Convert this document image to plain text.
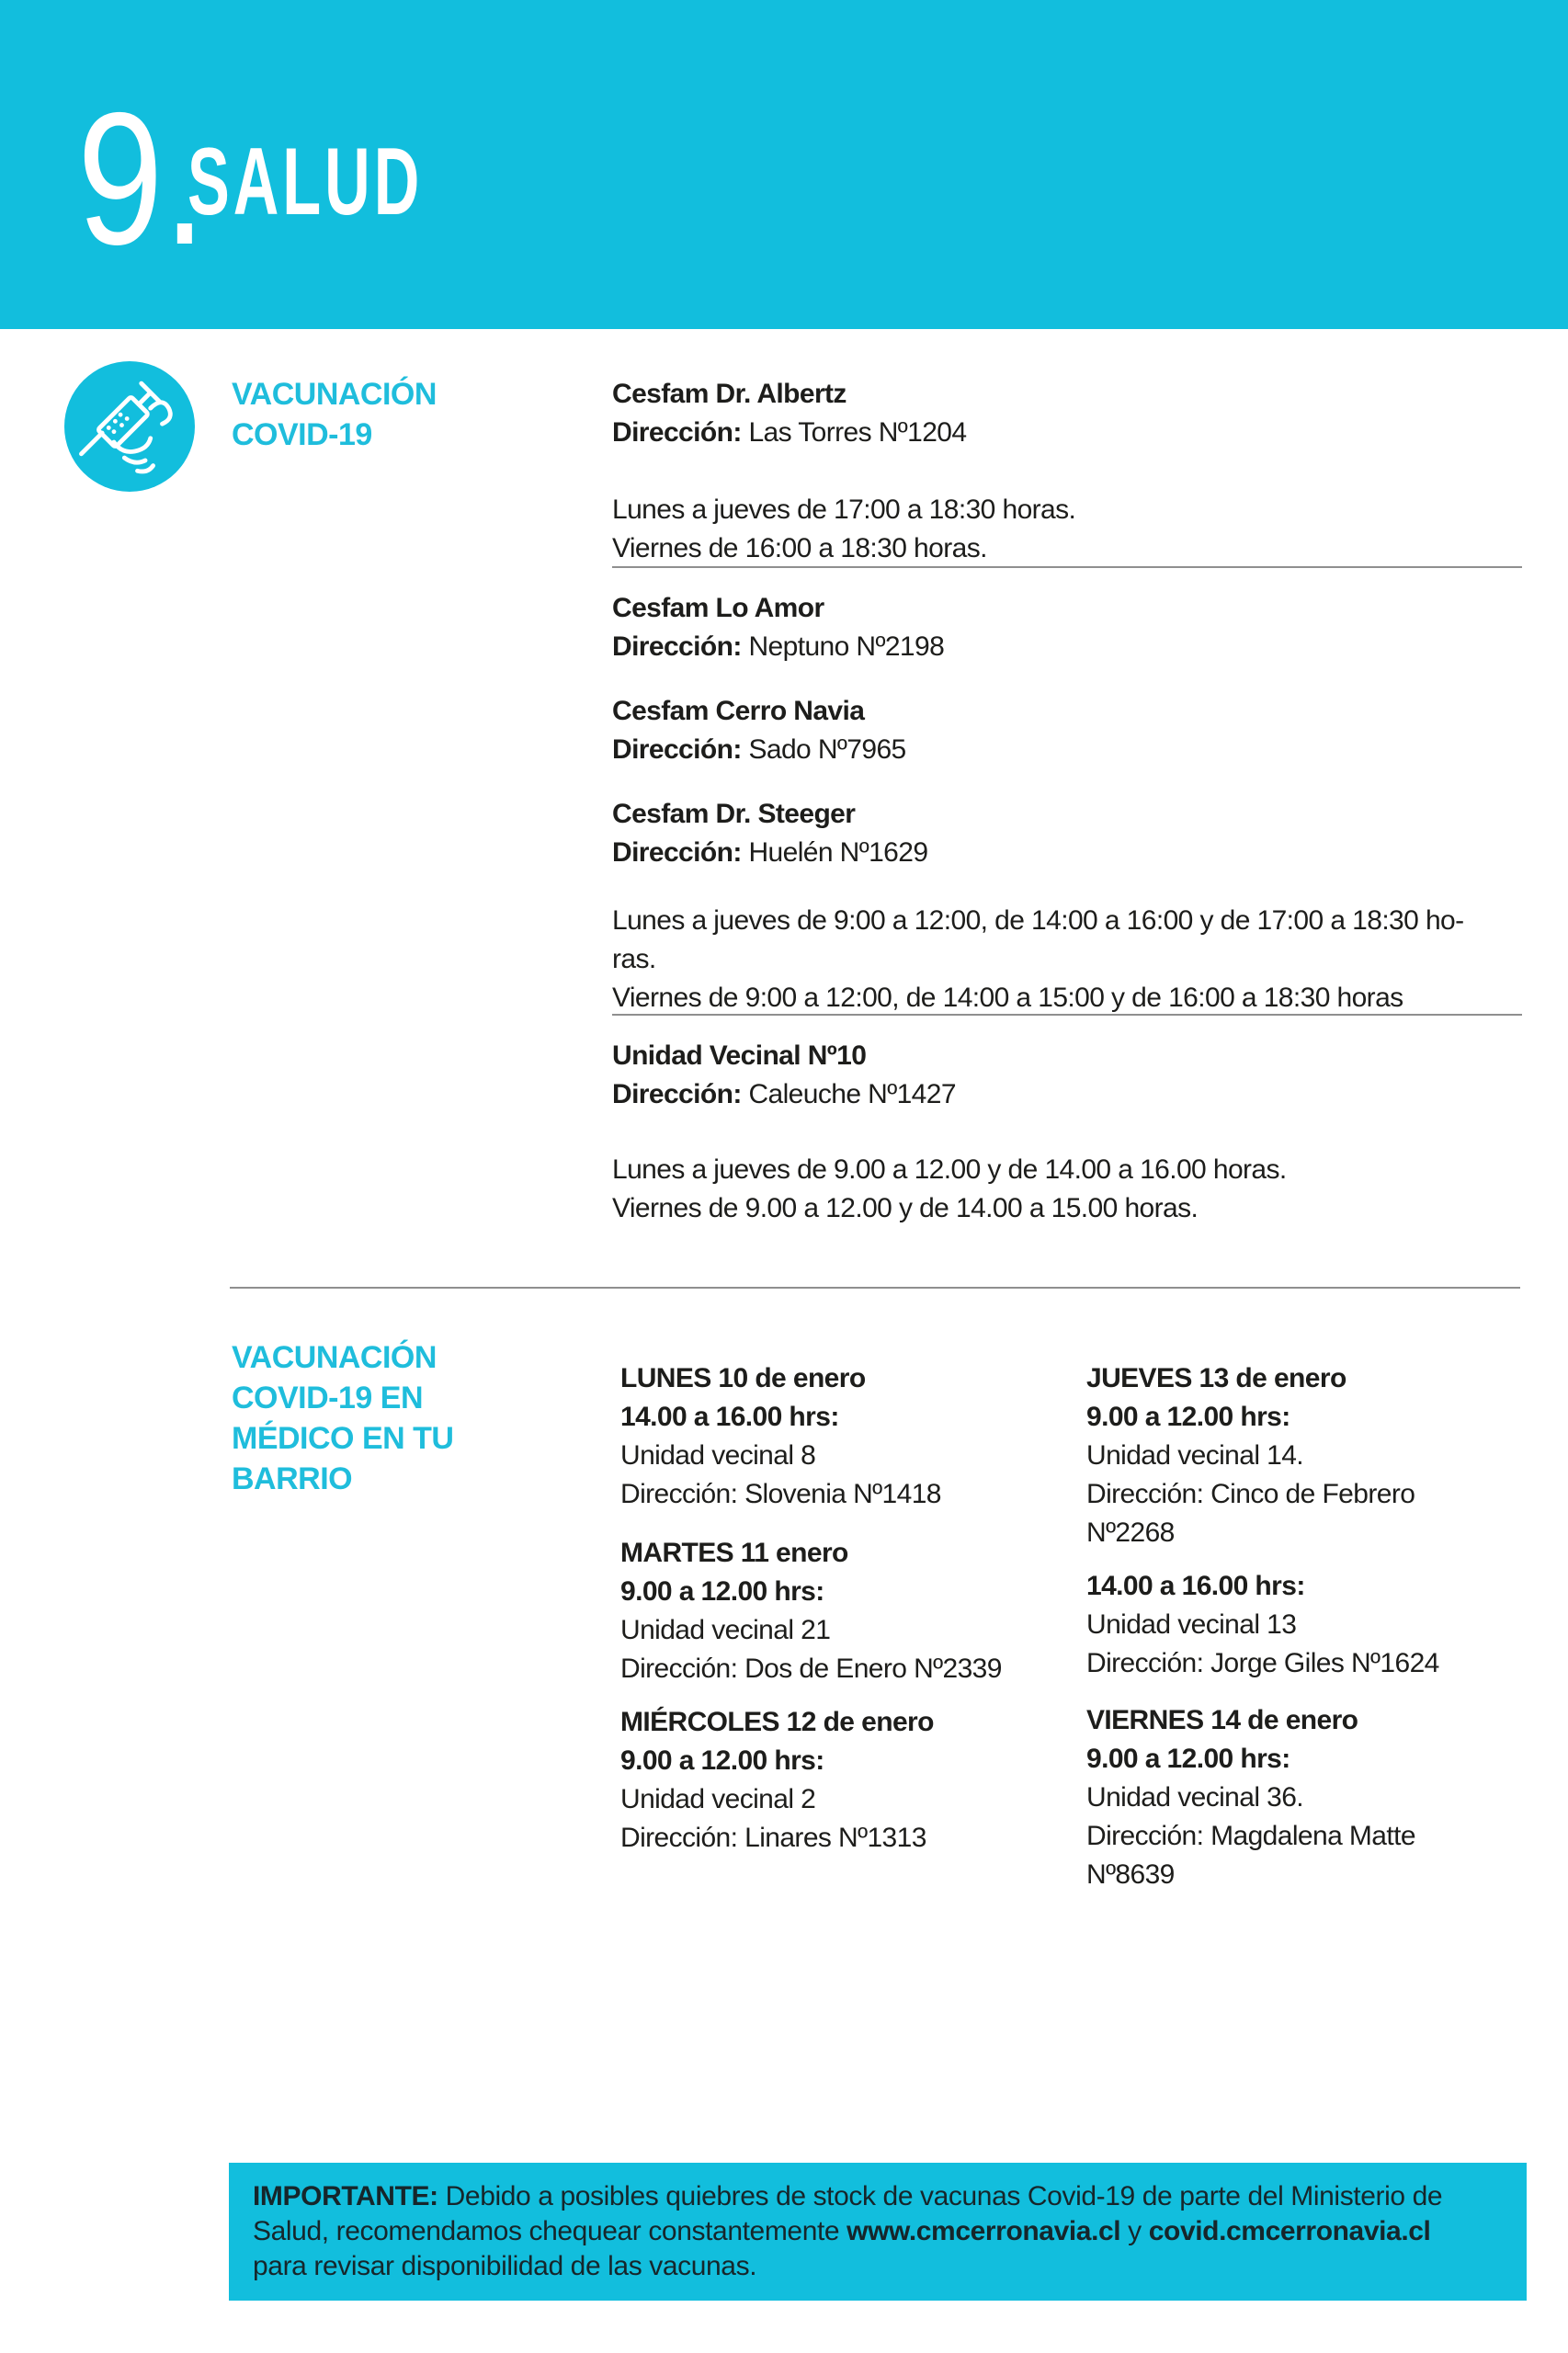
9.
SALUD
VACUNACIÓN
COVID-19
Cesfam Dr. Albertz
Dirección: Las Torres Nº1204
Lunes a jueves de 17:00 a 18:30 horas.
Viernes de 16:00 a 18:30 horas.
Cesfam Lo Amor
Dirección: Neptuno Nº2198
Cesfam Cerro Navia
Dirección: Sado Nº7965
Cesfam Dr. Steeger
Dirección: Huelén Nº1629
Lunes a jueves de 9:00 a 12:00, de 14:00 a 16:00 y de 17:00 a 18:30 ho-
ras.
Viernes de 9:00 a 12:00, de 14:00 a 15:00 y de 16:00 a 18:30 horas
Unidad Vecinal Nº10
Dirección: Caleuche Nº1427
Lunes a jueves de 9.00 a 12.00 y de 14.00 a 16.00 horas.
Viernes de 9.00 a 12.00 y de 14.00 a 15.00 horas.
VACUNACIÓN
COVID-19 EN
MÉDICO EN TU
BARRIO
LUNES 10 de enero
14.00 a 16.00 hrs:
Unidad vecinal 8
Dirección: Slovenia Nº1418
MARTES 11 enero
9.00 a 12.00 hrs:
Unidad vecinal 21
Dirección: Dos de Enero Nº2339
MIÉRCOLES 12 de enero
9.00 a 12.00 hrs:
Unidad vecinal 2
Dirección: Linares Nº1313
JUEVES 13 de enero
9.00 a 12.00 hrs:
Unidad vecinal 14.
Dirección: Cinco de Febrero
Nº2268
14.00 a 16.00 hrs:
Unidad vecinal 13
Dirección: Jorge Giles Nº1624
VIERNES 14 de enero
9.00 a 12.00 hrs:
Unidad vecinal 36.
Dirección: Magdalena Matte
Nº8639
IMPORTANTE: Debido a posibles quiebres de stock de vacunas Covid-19 de parte del Ministerio de
Salud, recomendamos chequear constantemente www.cmcerronavia.cl y covid.cmcerronavia.cl
para revisar disponibilidad de las vacunas.
